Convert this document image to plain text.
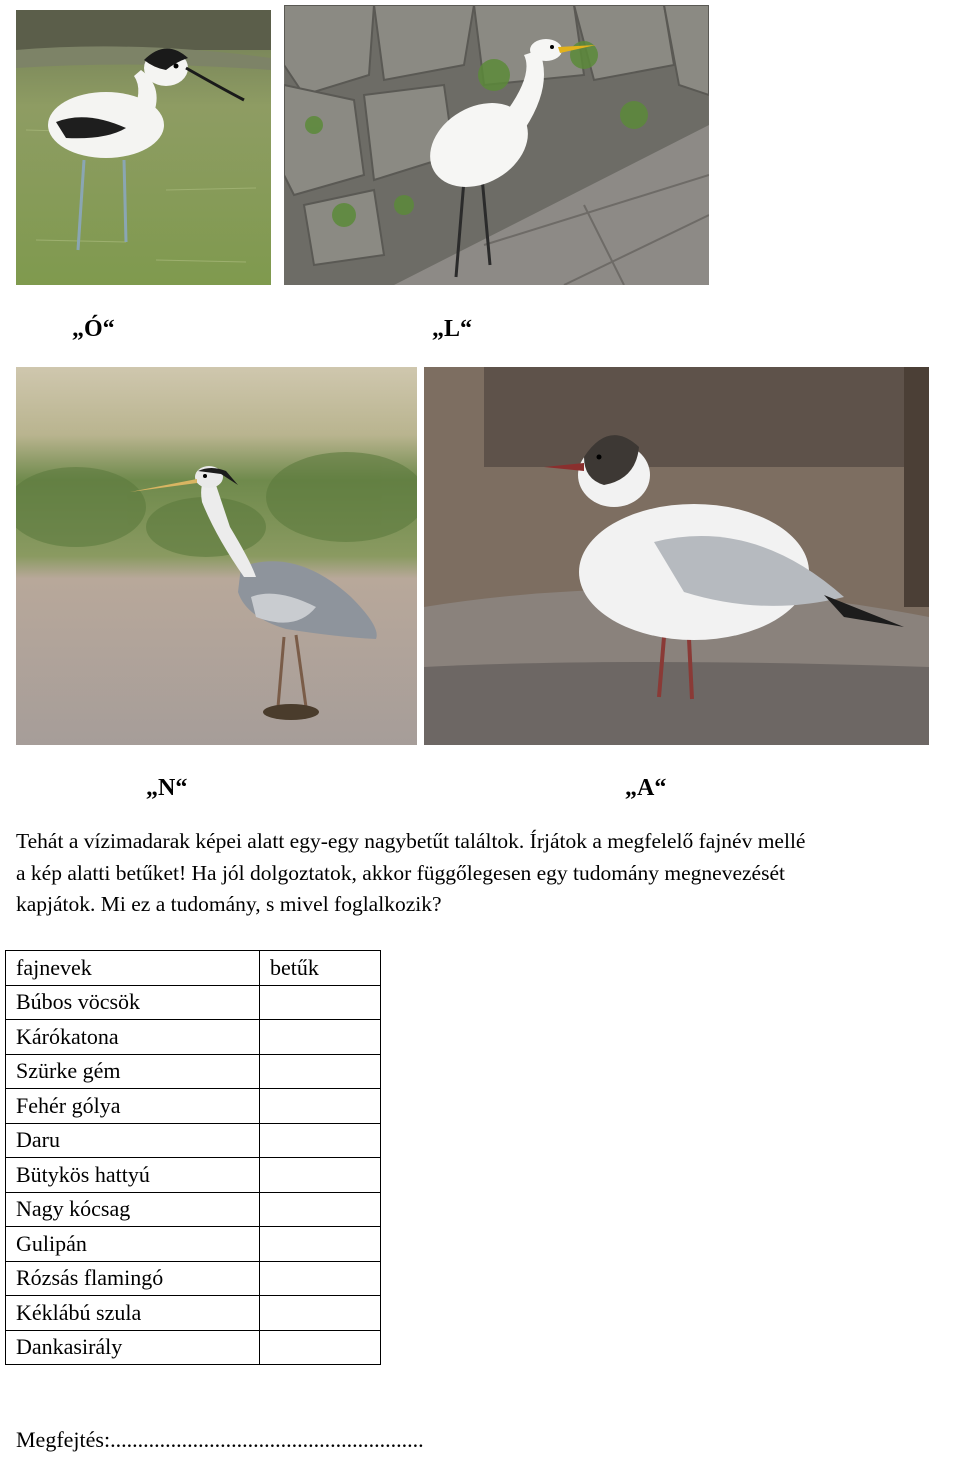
„Ó“	„L“
„N“	„A“
Tehát a vízimadarak képei alatt egy-egy nagybetűt találtok. Írjátok a megfelelő fajnév mellé
a kép alatti betűket! Ha jól dolgoztatok, akkor függőlegesen egy tudomány megnevezését
kapjátok. Mi ez a tudomány, s mivel foglalkozik?
fajnevek	betűk
Búbos vöcsök	
Kárókatona	
Szürke gém	
Fehér gólya	
Daru	
Bütykös hattyú	
Nagy kócsag	
Gulipán	
Rózsás flamingó	
Kéklábú szula	
Dankasirály	
Megfejtés:.........................................................
